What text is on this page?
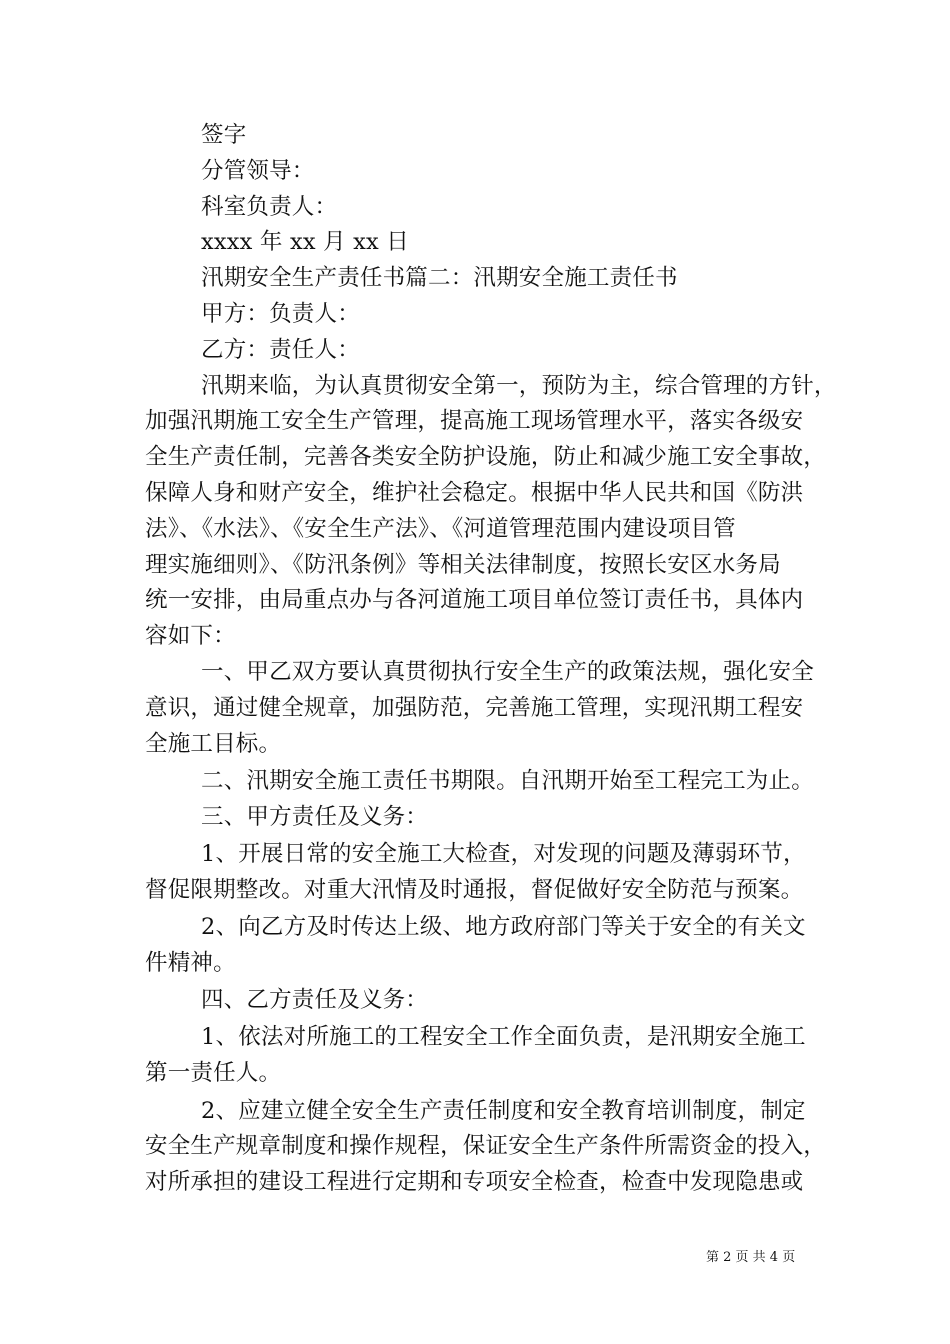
签字
分管领导：
科室负责人：
xxxx 年 xx 月 xx 日
汛期安全生产责任书篇二：汛期安全施工责任书
甲方：负责人：
乙方：责任人：
汛期来临，为认真贯彻安全第一，预防为主，综合管理的方针，
加强汛期施工安全生产管理，提高施工现场管理水平，落实各级安
全生产责任制，完善各类安全防护设施，防止和减少施工安全事故，
保障人身和财产安全，维护社会稳定。根据中华人民共和国《防洪
法》、《水法》、《安全生产法》、《河道管理范围内建设项目管
理实施细则》、《防汛条例》等相关法律制度，按照长安区水务局
统一安排，由局重点办与各河道施工项目单位签订责任书，具体内
容如下：
一、甲乙双方要认真贯彻执行安全生产的政策法规，强化安全
意识，通过健全规章，加强防范，完善施工管理，实现汛期工程安
全施工目标。
二、汛期安全施工责任书期限。自汛期开始至工程完工为止。
三、甲方责任及义务：
1、开展日常的安全施工大检查，对发现的问题及薄弱环节，
督促限期整改。对重大汛情及时通报，督促做好安全防范与预案。
2、向乙方及时传达上级、地方政府部门等关于安全的有关文
件精神。
四、乙方责任及义务：
1、依法对所施工的工程安全工作全面负责，是汛期安全施工
第一责任人。
2、应建立健全安全生产责任制度和安全教育培训制度，制定
安全生产规章制度和操作规程，保证安全生产条件所需资金的投入，
对所承担的建设工程进行定期和专项安全检查，检查中发现隐患或
第 2 页 共 4 页
